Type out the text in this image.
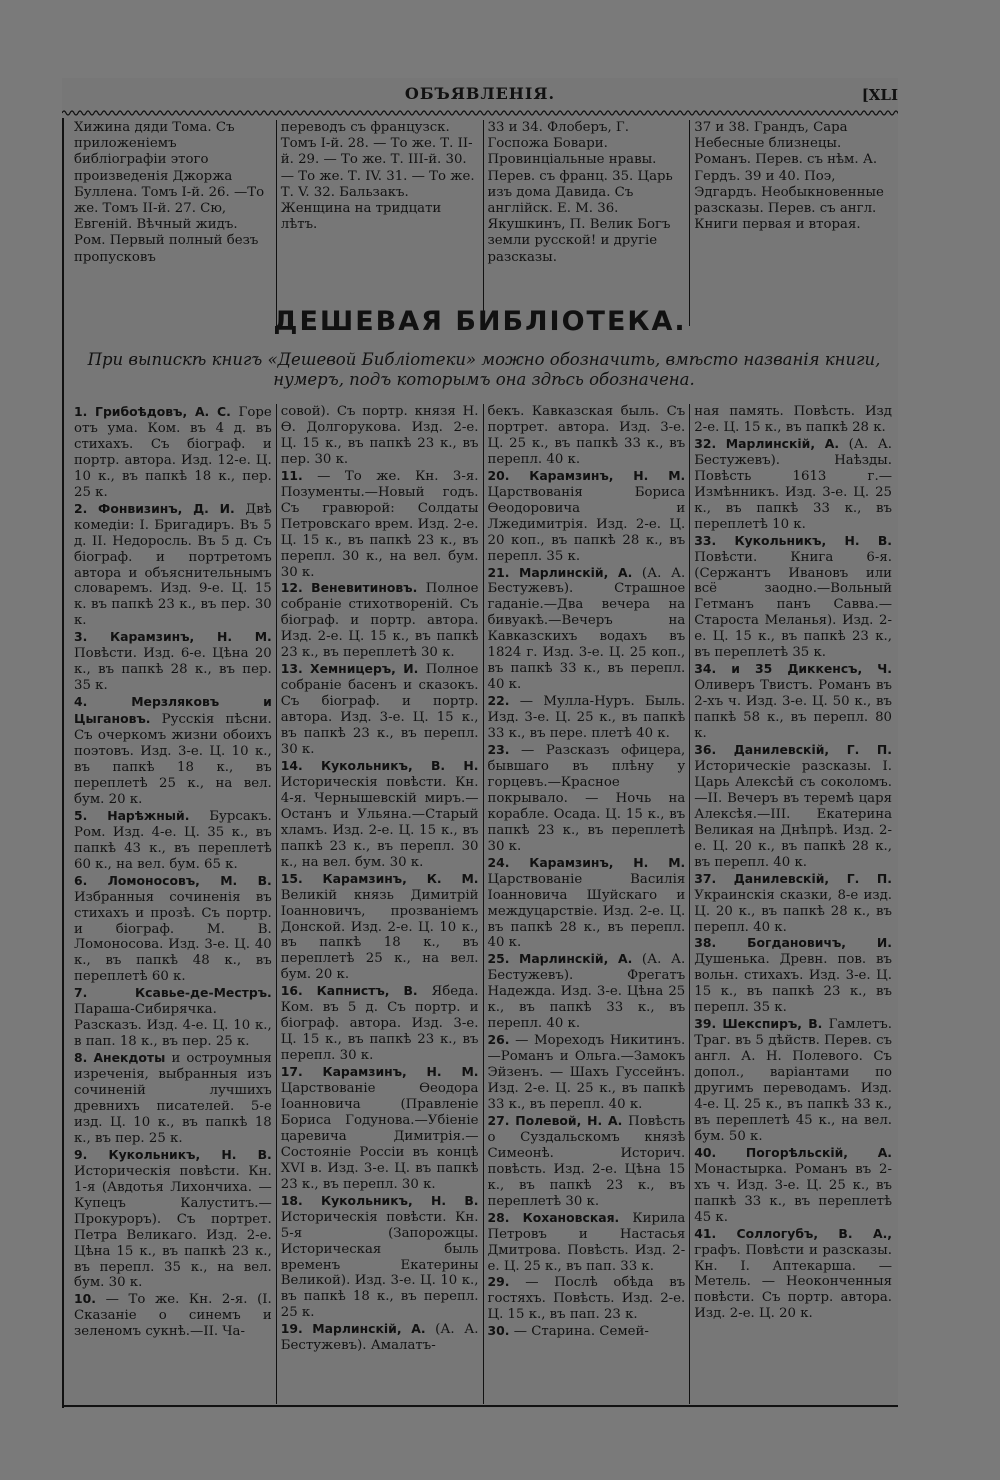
ОБЪЯВЛЕНІЯ.	[XLI
Хижина дяди Тома. Съ приложеніемъ библіографіи этого произведенія Джоржа Буллена. Томъ I-й. 26. —То же. Томъ II-й. 27. Сю, Евгеній. Вѣчный жидъ. Ром. Первый полный безъ пропусковъ
переводъ съ французск. Томъ I-й. 28. — То же. Т. II-й. 29. — То же. Т. III-й. 30. — То же. Т. IV. 31. — То же. Т. V. 32. Бальзакъ. Женщина на тридцати лѣтъ.
33 и 34. Флоберъ, Г. Госпожа Бовари. Провинціальные нравы. Перев. съ франц. 35. Царь изъ дома Давида. Съ англійск. Е. М. 36. Якушкинъ, П. Велик Богъ земли русской! и другіе разсказы.
37 и 38. Грандъ, Сара Небесные близнецы. Романъ. Перев. съ нѣм. А. Гердъ. 39 и 40. Поэ, Эдгардъ. Необыкновенные разсказы. Перев. съ англ. Книги первая и вторая.
ДЕШЕВАЯ БИБЛІОТЕКА.
При выпискѣ книгъ «Дешевой Библіотеки» можно обозначить, вмѣсто названія книги, нумеръ, подъ которымъ она здѣсь обозначена.

1. Грибоѣдовъ, А. С. Горе отъ ума. Ком. въ 4 д. въ стихахъ. Съ біограф. и портр. автора. Изд. 12-е. Ц. 10 к., въ папкѣ 18 к., пер. 25 к.

2. Фонвизинъ, Д. И. Двѣ комедіи: I. Бригадиръ. Въ 5 д. II. Недоросль. Въ 5 д. Съ біограф. и портретомъ автора и объяснительнымъ словаремъ. Изд. 9-е. Ц. 15 к. въ папкѣ 23 к., въ пер. 30 к.

3. Карамзинъ, Н. М. Повѣсти. Изд. 6-е. Цѣна 20 к., въ папкѣ 28 к., въ пер. 35 к.

4.	Мерзляковъ и Цыгановъ. Русскія пѣсни. Съ очеркомъ жизни обоихъ поэтовъ. Изд. 3-е. Ц. 10 к., въ папкѣ 18 к., въ переплетѣ 25 к., на вел. бум. 20 к.

5. Нарѣжный. Бурсакъ. Ром. Изд. 4-е. Ц. 35 к., въ папкѣ 43 к., въ переплетѣ 60 к., на вел. бум. 65 к.

6. Ломоносовъ, М. В. Избранныя сочиненія въ стихахъ и прозѣ. Съ портр. и біограф. М. В. Ломоносова. Изд. 3-е. Ц. 40 к., въ папкѣ 48 к., въ переплетѣ 60 к.

7.	Ксавье-де-Местръ. Параша-Сибирячка. Разсказъ. Изд. 4-е. Ц. 10 к., в пап. 18 к., въ пер. 25 к.

8. Анекдоты и остроумныя изреченія, выбранныя изъ сочиненій лучшихъ древнихъ писателей. 5-е изд. Ц. 10 к., въ папкѣ 18 к., въ пер. 25 к.

9. Кукольникъ, Н. В. Историческія повѣсти. Кн. 1-я (Авдотья Лихончиха. — Купецъ Калуститъ.—Прокуроръ). Съ портрет. Петра Великаго. Изд. 2-е. Цѣна 15 к., въ папкѣ 23 к., въ перепл. 35 к., на вел. бум. 30 к.

10. — То же. Кн. 2-я. (I. Сказаніе о синемъ и зеленомъ сукнѣ.—II. Ча-

совой). Съ портр. князя Н. Ѳ. Долгорукова. Изд. 2-е. Ц. 15 к., въ папкѣ 23 к., въ пер. 30 к.

11. — То же. Кн. 3-я. Позументы.—Новый годъ. Съ гравюрой: Солдаты Петровскаго врем. Изд. 2-е. Ц. 15 к., въ папкѣ 23 к., въ перепл. 30 к., на вел. бум. 30 к.

12. Веневитиновъ. Полное собраніе стихотвореній. Съ біограф. и портр. автора. Изд. 2-е. Ц. 15 к., въ папкѣ 23 к., въ переплетѣ 30 к.

13. Хемницеръ, И. Полное собраніе басенъ и сказокъ. Съ біограф. и портр. автора. Изд. 3-е. Ц. 15 к., въ папкѣ 23 к., въ перепл. 30 к.

14. Кукольникъ, В. Н. Историческія повѣсти. Кн. 4-я. Чернышевскій миръ.—Останъ и Ульяна.—Старый хламъ. Изд. 2-е. Ц. 15 к., въ папкѣ 23 к., въ перепл. 30 к., на вел. бум. 30 к.

15. Карамзинъ, К. М. Великій князь Димитрій Іоанновичъ, прозваніемъ Донской. Изд. 2-е. Ц. 10 к., въ папкѣ 18 к., въ переплетѣ 25 к., на вел. бум. 20 к.

16. Капнистъ, В. Ябеда. Ком. въ 5 д. Съ портр. и біограф. автора. Изд. 3-е. Ц. 15 к., въ папкѣ 23 к., въ перепл. 30 к.

17. Карамзинъ, Н. М. Царствованіе Ѳеодора Іоанновича (Правленіе Бориса Годунова.—Убіеніе царевича Димитрія.—Состояніе Россіи въ концѣ XVI в. Изд. 3-е. Ц. въ папкѣ 23 к., въ перепл. 30 к.

18. Кукольникъ, Н. В. Историческія повѣсти. Кн. 5-я (Запорожцы. Историческая быль временъ Екатерины Великой). Изд. 3-е. Ц. 10 к., въ папкѣ 18 к., въ перепл. 25 к.

19. Марлинскій, А. (А. А. Бестужевъ). Амалатъ-

бекъ. Кавказская быль. Съ портрет. автора. Изд. 3-е. Ц. 25 к., въ папкѣ 33 к., въ перепл. 40 к.

20. Карамзинъ, Н. М. Царствованія Бориса Ѳеодоровича и Лжедимитрія. Изд. 2-е. Ц. 20 коп., въ папкѣ 28 к., въ перепл. 35 к.

21. Марлинскій, А. (А. А. Бестужевъ). Страшное гаданіе.—Два вечера на бивуакѣ.—Вечеръ на Кавказскихъ водахъ въ 1824 г. Изд. 3-е. Ц. 25 коп., въ папкѣ 33 к., въ перепл. 40 к.

22. — Мулла-Нуръ. Быль. Изд. 3-е. Ц. 25 к., въ папкѣ 33 к., въ пере. плетѣ 40 к.

23. — Разсказъ офицера, бывшаго въ плѣну у горцевъ.—Красное покрывало. — Ночь на корабле. Осада. Ц. 15 к., въ папкѣ 23 к., въ переплетѣ 30 к.

24. Карамзинъ, Н. М. Царствованіе Василія Іоанновича Шуйскаго и междуцарствіе. Изд. 2-е. Ц. въ папкѣ 28 к., въ перепл. 40 к.

25. Марлинскій, А. (А. А. Бестужевъ). Фрегатъ Надежда. Изд. 3-е. Цѣна 25 к., въ папкѣ 33 к., въ перепл. 40 к.

26. — Мореходъ Никитинъ.—Романъ и Ольга.—Замокъ Эйзенъ. — Шахъ Гуссейнъ. Изд. 2-е. Ц. 25 к., въ папкѣ 33 к., въ перепл. 40 к.

27. Полевой, Н. А. Повѣсть о Суздальскомъ князѣ Симеонѣ. Историч. повѣсть. Изд. 2-е. Цѣна 15 к., въ папкѣ 23 к., въ переплетѣ 30 к.

28. Кохановская. Кирила Петровъ и Настасья Дмитрова. Повѣсть. Изд. 2-е. Ц. 25 к., въ пап. 33 к.

29. — Послѣ обѣда въ гостяхъ. Повѣсть. Изд. 2-е. Ц. 15 к., въ пап. 23 к.

30. — Старина. Семей-

ная память. Повѣсть. Изд 2-е. Ц. 15 к., въ папкѣ 28 к.

32. Марлинскій, А. (А. А. Бестужевъ). Наѣзды. Повѣсть 1613 г.—Измѣнникъ. Изд. 3-е. Ц. 25 к., въ папкѣ 33 к., въ переплетѣ 10 к.

33. Кукольникъ, Н. В. Повѣсти. Книга 6-я. (Сержантъ Ивановъ или всё заодно.—Вольный Гетманъ панъ Савва.—Староста Меланья). Изд. 2-е. Ц. 15 к., въ папкѣ 23 к., въ переплетѣ 35 к.

34. и 35 Диккенсъ, Ч. Оливеръ Твистъ. Романъ въ 2-хъ ч. Изд. 3-е. Ц. 50 к., въ папкѣ 58 к., въ перепл. 80 к.

36. Данилевскій, Г. П. Историческіе разсказы. I. Царь Алексѣй съ соколомъ.—II. Вечеръ въ теремѣ царя Алексѣя.—III. Екатерина Великая на Днѣпрѣ. Изд. 2-е. Ц. 20 к., въ папкѣ 28 к., въ перепл. 40 к.

37. Данилевскій, Г. П. Украинскія сказки, 8-е изд. Ц. 20 к., въ папкѣ 28 к., въ перепл. 40 к.

38. Богдановичъ, И. Душенька. Древн. пов. въ вольн. стихахъ. Изд. 3-е. Ц. 15 к., въ папкѣ 23 к., въ перепл. 35 к.

39. Шекспиръ, В. Гамлетъ. Траг. въ 5 дѣйств. Перев. съ англ. А. Н. Полевого. Съ допол., варіантами по другимъ переводамъ. Изд. 4-е. Ц. 25 к., въ папкѣ 33 к., въ переплетѣ 45 к., на вел. бум. 50 к.

40. Погорѣльскій, А. Монастырка. Романъ въ 2-хъ ч. Изд. 3-е. Ц. 25 к., въ папкѣ 33 к., въ переплетѣ 45 к.

41. Соллогубъ, В. А., графъ. Повѣсти и разсказы. Кн. I. Аптекарша. — Метель. — Неоконченныя повѣсти. Съ портр. автора. Изд. 2-е. Ц. 20 к.
